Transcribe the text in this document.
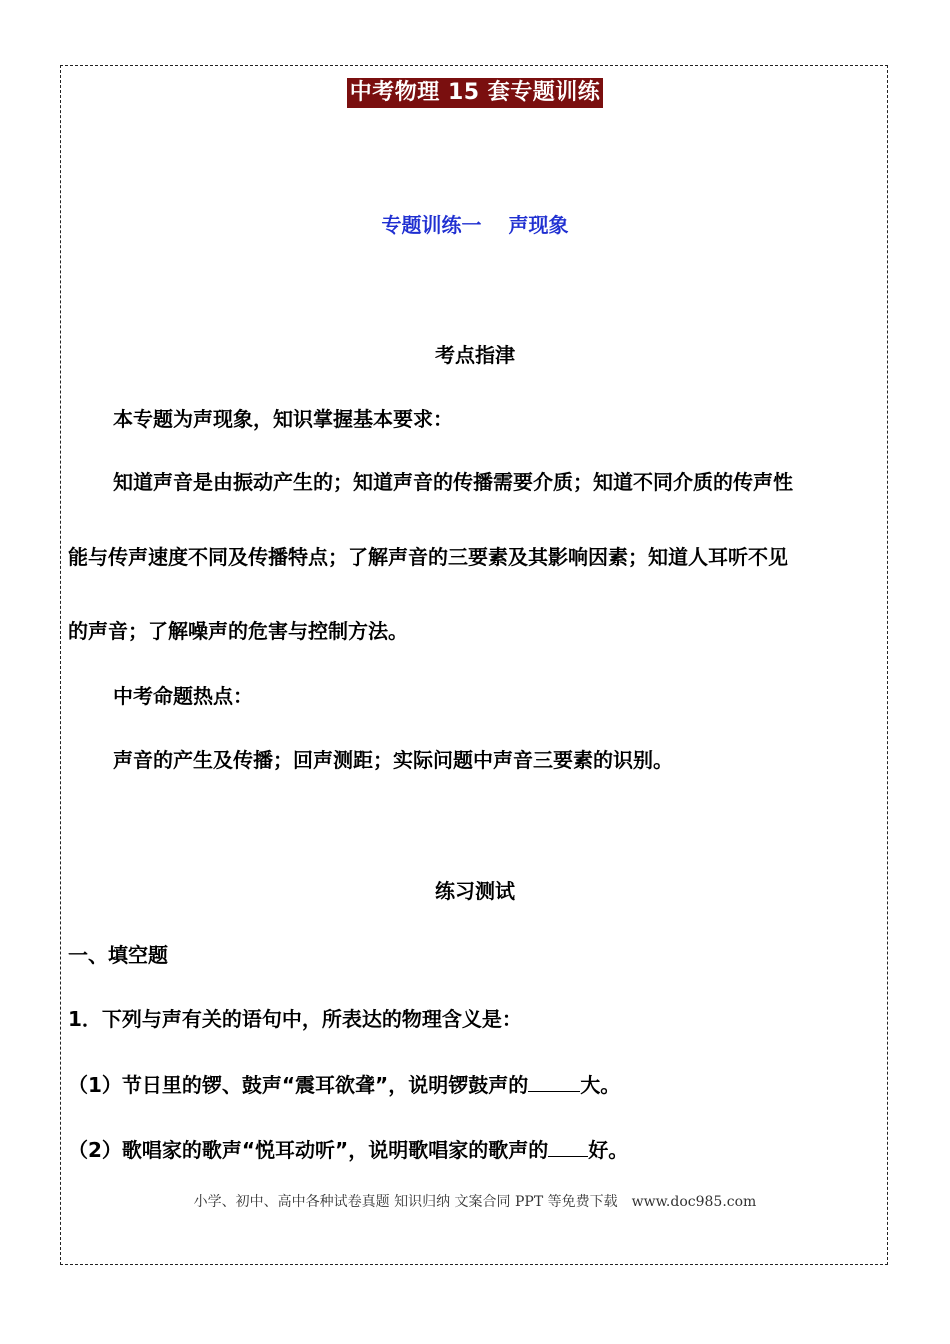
中考物理 15 套专题训练
专题训练一　 声现象
考点指津
本专题为声现象，知识掌握基本要求：
知道声音是由振动产生的；知道声音的传播需要介质；知道不同介质的传声性
能与传声速度不同及传播特点；了解声音的三要素及其影响因素；知道人耳听不见
的声音；了解噪声的危害与控制方法。
中考命题热点：
声音的产生及传播；回声测距；实际问题中声音三要素的识别。
练习测试
一、填空题
1．下列与声有关的语句中，所表达的物理含义是：
（1）节日里的锣、鼓声“震耳欲聋”，说明锣鼓声的	大。
（2）歌唱家的歌声“悦耳动听”，说明歌唱家的歌声的 好。
小学、初中、高中各种试卷真题 知识归纳 文案合同 PPT 等免费下载　www.doc985.com
